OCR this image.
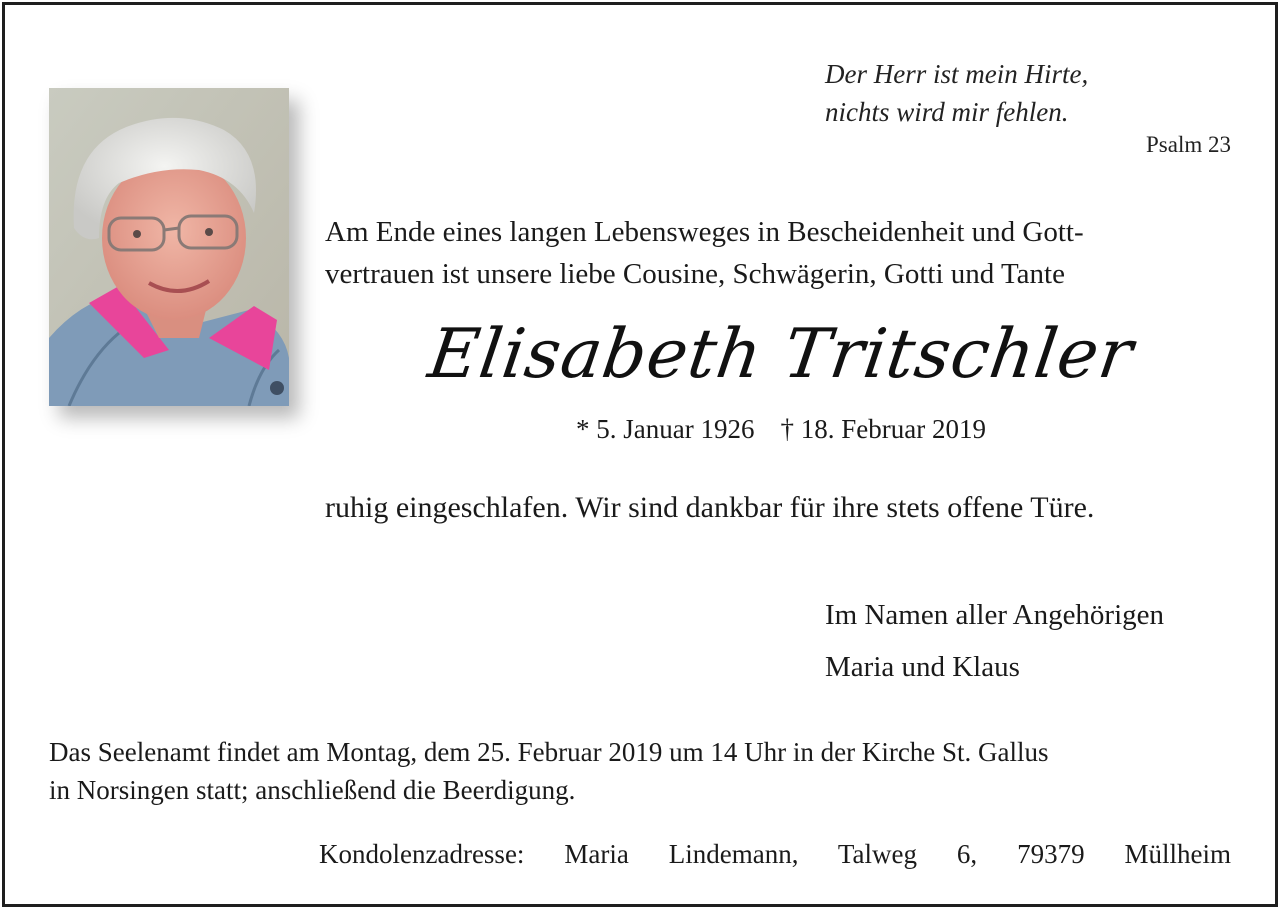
Der Herr ist mein Hirte,
nichts wird mir fehlen.
Psalm 23
Am Ende eines langen Lebensweges in Bescheidenheit und Gott-
vertrauen ist unsere liebe Cousine, Schwägerin, Gotti und Tante
Elisabeth Tritschler
* 5. Januar 1926 † 18. Februar 2019
ruhig eingeschlafen. Wir sind dankbar für ihre stets offene Türe.
Im Namen aller Angehörigen
Maria und Klaus
Das Seelenamt findet am Montag, dem 25. Februar 2019 um 14 Uhr in der Kirche St. Gallus
in Norsingen statt; anschließend die Beerdigung.
Kondolenzadresse: Maria Lindemann, Talweg 6, 79379 Müllheim
